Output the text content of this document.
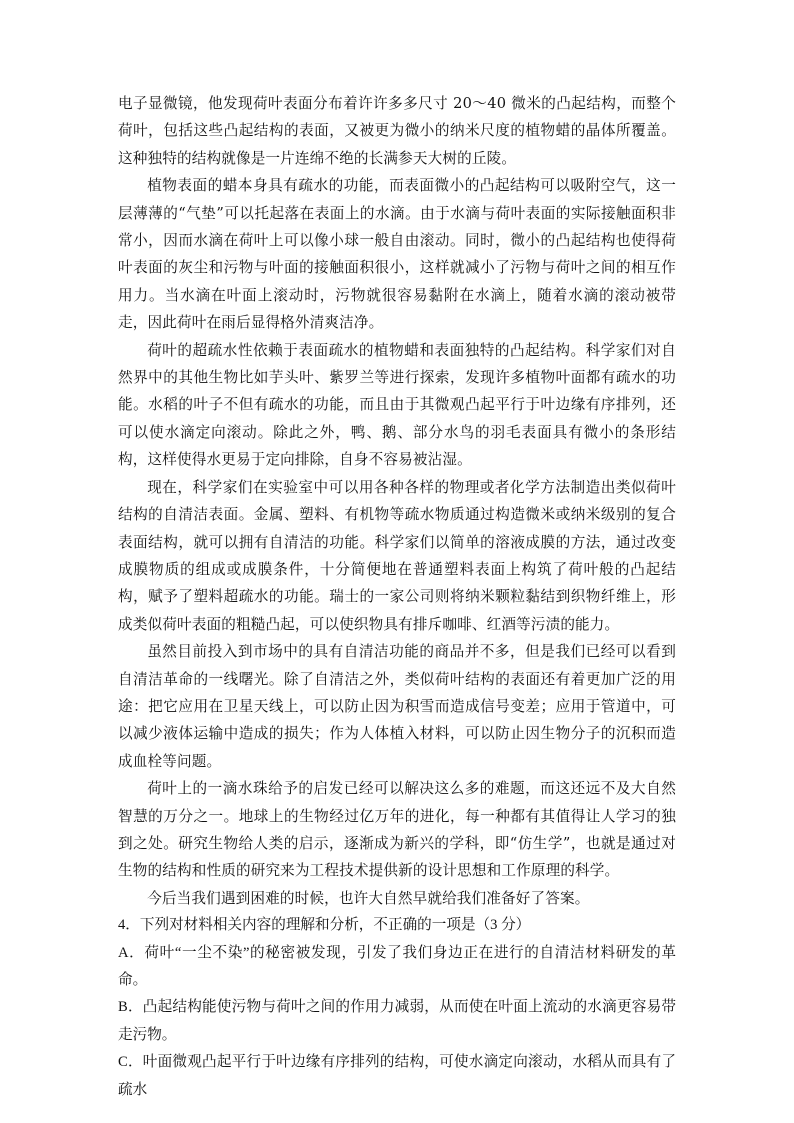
电子显微镜，他发现荷叶表面分布着许许多多尺寸 20～40 微米的凸起结构，而整个荷叶，包括这些凸起结构的表面，又被更为微小的纳米尺度的植物蜡的晶体所覆盖。这种独特的结构就像是一片连绵不绝的长满参天大树的丘陵。

植物表面的蜡本身具有疏水的功能，而表面微小的凸起结构可以吸附空气，这一层薄薄的“气垫”可以托起落在表面上的水滴。由于水滴与荷叶表面的实际接触面积非常小，因而水滴在荷叶上可以像小球一般自由滚动。同时，微小的凸起结构也使得荷叶表面的灰尘和污物与叶面的接触面积很小，这样就减小了污物与荷叶之间的相互作用力。当水滴在叶面上滚动时，污物就很容易黏附在水滴上，随着水滴的滚动被带走，因此荷叶在雨后显得格外清爽洁净。

荷叶的超疏水性依赖于表面疏水的植物蜡和表面独特的凸起结构。科学家们对自然界中的其他生物比如芋头叶、紫罗兰等进行探索，发现许多植物叶面都有疏水的功能。水稻的叶子不但有疏水的功能，而且由于其微观凸起平行于叶边缘有序排列，还可以使水滴定向滚动。除此之外，鸭、鹅、部分水鸟的羽毛表面具有微小的条形结构，这样使得水更易于定向排除，自身不容易被沾湿。

现在，科学家们在实验室中可以用各种各样的物理或者化学方法制造出类似荷叶结构的自清洁表面。金属、塑料、有机物等疏水物质通过构造微米或纳米级别的复合表面结构，就可以拥有自清洁的功能。科学家们以简单的溶液成膜的方法，通过改变成膜物质的组成或成膜条件，十分简便地在普通塑料表面上构筑了荷叶般的凸起结构，赋予了塑料超疏水的功能。瑞士的一家公司则将纳米颗粒黏结到织物纤维上，形成类似荷叶表面的粗糙凸起，可以使织物具有排斥咖啡、红酒等污渍的能力。

虽然目前投入到市场中的具有自清洁功能的商品并不多，但是我们已经可以看到自清洁革命的一线曙光。除了自清洁之外，类似荷叶结构的表面还有着更加广泛的用途：把它应用在卫星天线上，可以防止因为积雪而造成信号变差；应用于管道中，可以减少液体运输中造成的损失；作为人体植入材料，可以防止因生物分子的沉积而造成血栓等问题。

荷叶上的一滴水珠给予的启发已经可以解决这么多的难题，而这还远不及大自然智慧的万分之一。地球上的生物经过亿万年的进化，每一种都有其值得让人学习的独到之处。研究生物给人类的启示，逐渐成为新兴的学科，即“仿生学”，也就是通过对生物的结构和性质的研究来为工程技术提供新的设计思想和工作原理的科学。

今后当我们遇到困难的时候，也许大自然早就给我们准备好了答案。

4．下列对材料相关内容的理解和分析，不正确的一项是（3 分）

A．荷叶“一尘不染”的秘密被发现，引发了我们身边正在进行的自清洁材料研发的革命。

B．凸起结构能使污物与荷叶之间的作用力减弱，从而使在叶面上流动的水滴更容易带走污物。

C．叶面微观凸起平行于叶边缘有序排列的结构，可使水滴定向滚动，水稻从而具有了疏水
